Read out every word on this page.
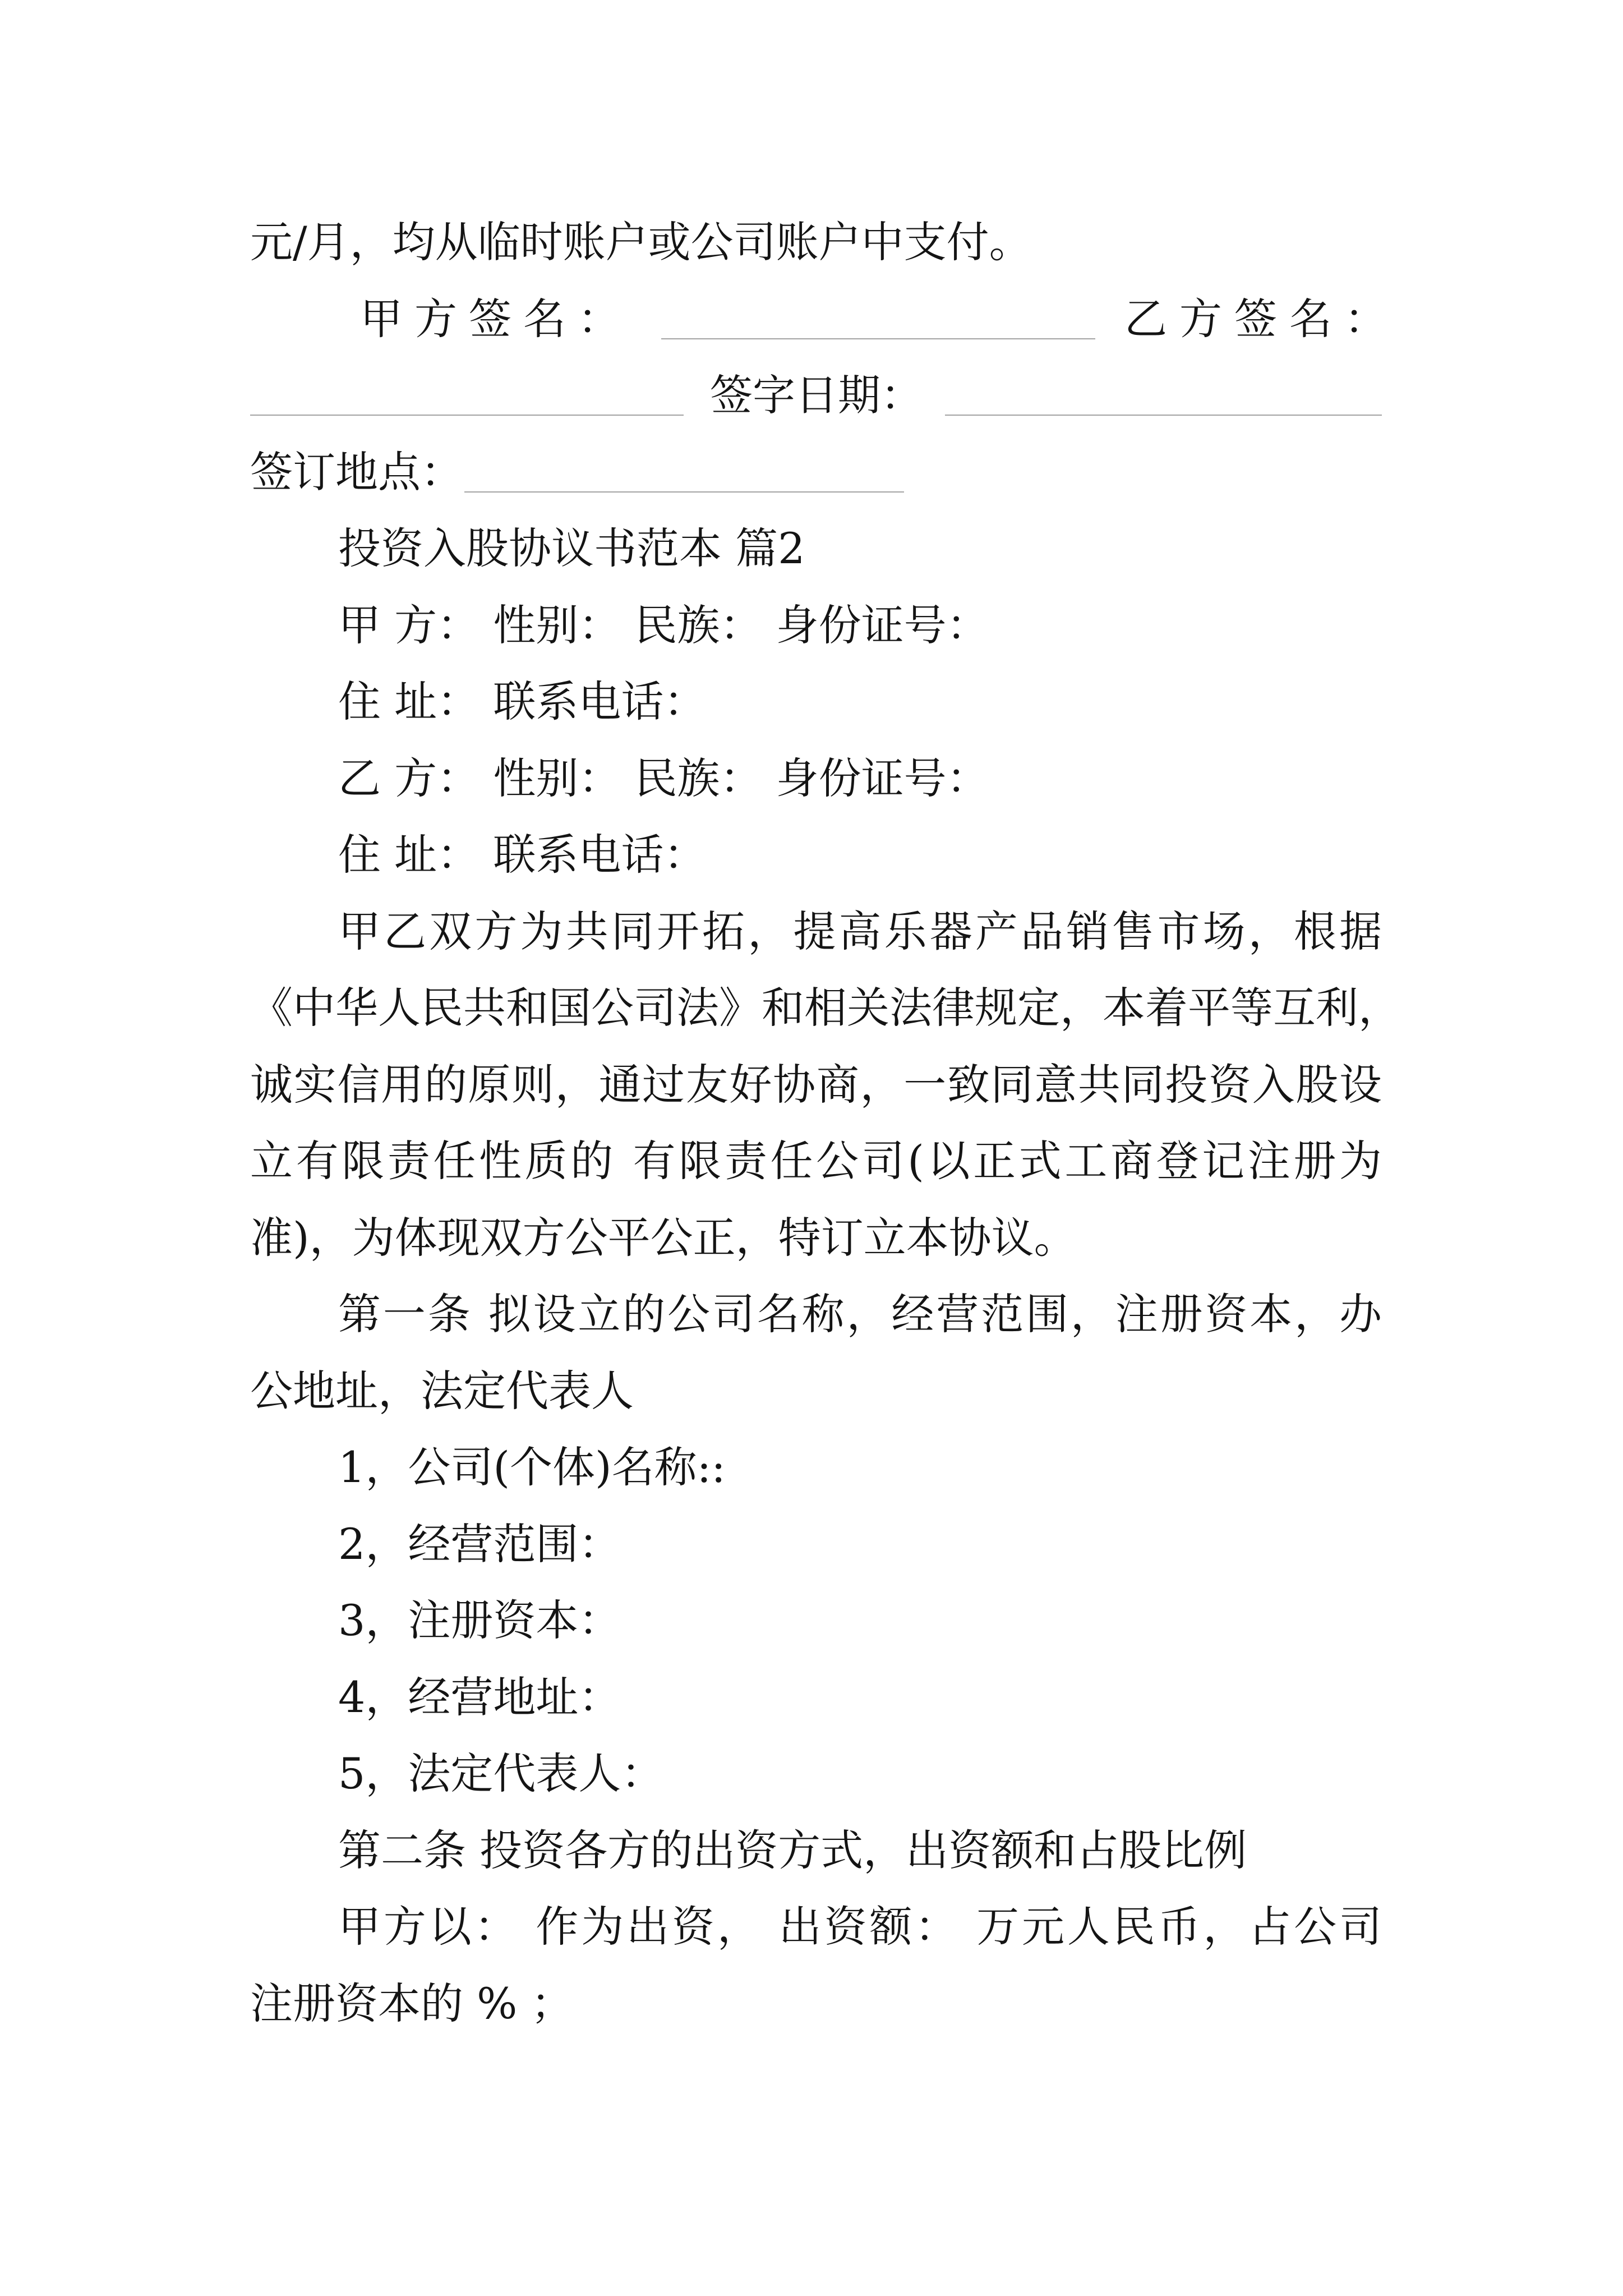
元/月，均从临时账户或公司账户中支付。
甲方签名：	乙方签名：
签字日期：
签订地点：
投资入股协议书范本 篇2
甲 方： 性别： 民族： 身份证号：
住 址： 联系电话：
乙 方： 性别： 民族： 身份证号：
住 址： 联系电话：
甲乙双方为共同开拓，提高乐器产品销售市场，根据
《中华人民共和国公司法》和相关法律规定，本着平等互利，
诚实信用的原则，通过友好协商，一致同意共同投资入股设
立有限责任性质的 有限责任公司(以正式工商登记注册为
准)，为体现双方公平公正，特订立本协议。
第一条 拟设立的公司名称，经营范围，注册资本，办
公地址，法定代表人
1，公司(个体)名称::
2，经营范围：
3，注册资本：
4，经营地址：
5，法定代表人：
第二条 投资各方的出资方式，出资额和占股比例
甲方以： 作为出资， 出资额： 万元人民币，占公司
注册资本的 % ；
